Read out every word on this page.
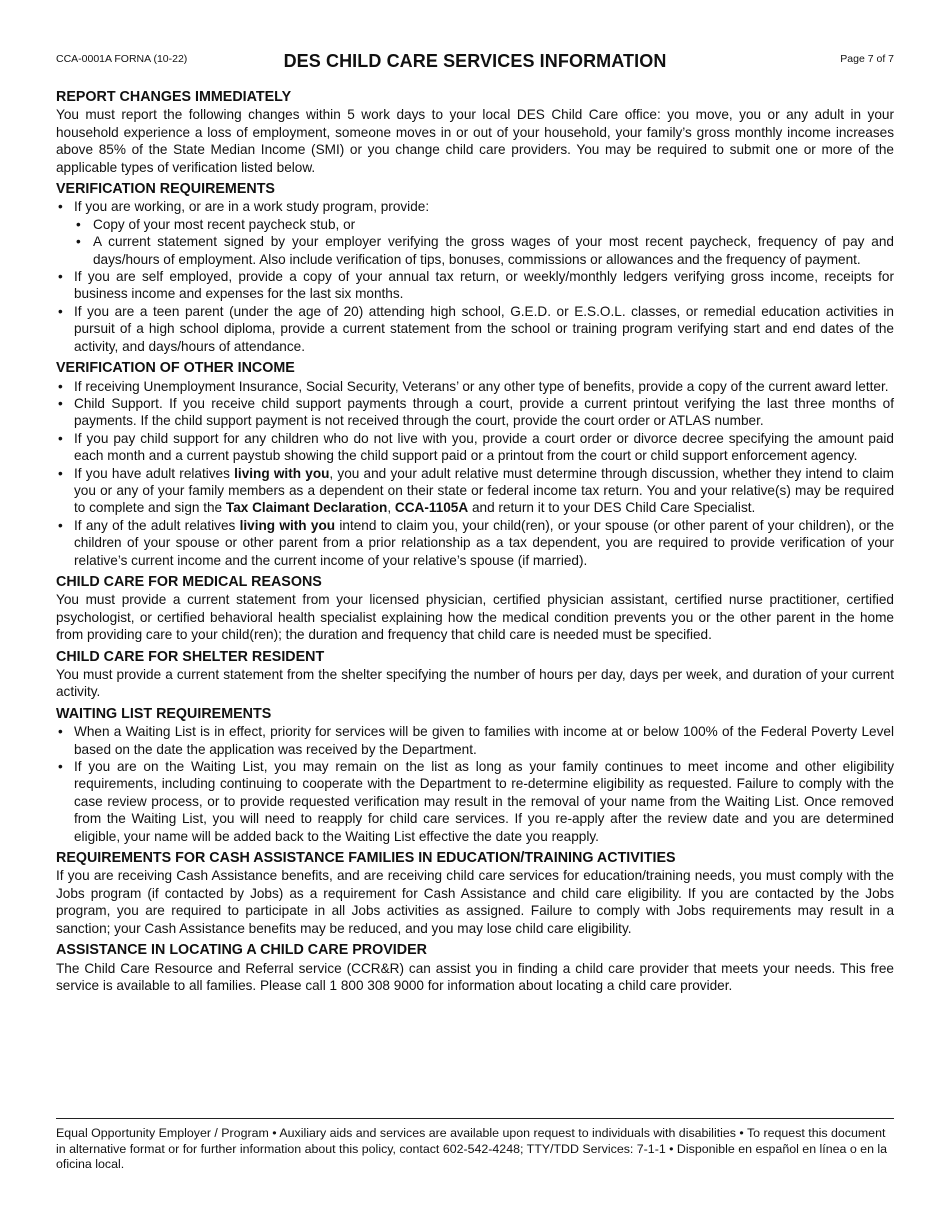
CCA-0001A FORNA (10-22)	DES CHILD CARE SERVICES INFORMATION	Page 7 of 7
REPORT CHANGES IMMEDIATELY

You must report the following changes within 5 work days to your local DES Child Care office: you move, you or any adult in your household experience a loss of employment, someone moves in or out of your household, your family’s gross monthly income increases above 85% of the State Median Income (SMI) or you change child care providers. You may be required to submit one or more of the applicable types of verification listed below.

VERIFICATION REQUIREMENTS
• If you are working, or are in a work study program, provide:
• Copy of your most recent paycheck stub, or
• A current statement signed by your employer verifying the gross wages of your most recent paycheck, frequency of pay and days/hours of employment. Also include verification of tips, bonuses, commissions or allowances and the frequency of payment.
• If you are self employed, provide a copy of your annual tax return, or weekly/monthly ledgers verifying gross income, receipts for business income and expenses for the last six months.
• If you are a teen parent (under the age of 20) attending high school, G.E.D. or E.S.O.L. classes, or remedial education activities in pursuit of a high school diploma, provide a current statement from the school or training program verifying start and end dates of the activity, and days/hours of attendance.
VERIFICATION OF OTHER INCOME
• If receiving Unemployment Insurance, Social Security, Veterans’ or any other type of benefits, provide a copy of the current award letter.
• Child Support. If you receive child support payments through a court, provide a current printout verifying the last three months of payments. If the child support payment is not received through the court, provide the court order or ATLAS number.
• If you pay child support for any children who do not live with you, provide a court order or divorce decree specifying the amount paid each month and a current paystub showing the child support paid or a printout from the court or child support enforcement agency.
• If you have adult relatives living with you, you and your adult relative must determine through discussion, whether they intend to claim you or any of your family members as a dependent on their state or federal income tax return. You and your relative(s) may be required to complete and sign the Tax Claimant Declaration, CCA-1105A and return it to your DES Child Care Specialist.
• If any of the adult relatives living with you intend to claim you, your child(ren), or your spouse (or other parent of your children), or the children of your spouse or other parent from a prior relationship as a tax dependent, you are required to provide verification of your relative’s current income and the current income of your relative’s spouse (if married).
CHILD CARE FOR MEDICAL REASONS

You must provide a current statement from your licensed physician, certified physician assistant, certified nurse practitioner, certified psychologist, or certified behavioral health specialist explaining how the medical condition prevents you or the other parent in the home from providing care to your child(ren); the duration and frequency that child care is needed must be specified.

CHILD CARE FOR SHELTER RESIDENT

You must provide a current statement from the shelter specifying the number of hours per day, days per week, and duration of your current activity.

WAITING LIST REQUIREMENTS
• When a Waiting List is in effect, priority for services will be given to families with income at or below 100% of the Federal Poverty Level based on the date the application was received by the Department.
• If you are on the Waiting List, you may remain on the list as long as your family continues to meet income and other eligibility requirements, including continuing to cooperate with the Department to re-determine eligibility as requested. Failure to comply with the case review process, or to provide requested verification may result in the removal of your name from the Waiting List. Once removed from the Waiting List, you will need to reapply for child care services. If you re-apply after the review date and you are determined eligible, your name will be added back to the Waiting List effective the date you reapply.
REQUIREMENTS FOR CASH ASSISTANCE FAMILIES IN EDUCATION/TRAINING ACTIVITIES

If you are receiving Cash Assistance benefits, and are receiving child care services for education/training needs, you must comply with the Jobs program (if contacted by Jobs) as a requirement for Cash Assistance and child care eligibility. If you are contacted by the Jobs program, you are required to participate in all Jobs activities as assigned. Failure to comply with Jobs requirements may result in a sanction; your Cash Assistance benefits may be reduced, and you may lose child care eligibility.

ASSISTANCE IN LOCATING A CHILD CARE PROVIDER

The Child Care Resource and Referral service (CCR&R) can assist you in finding a child care provider that meets your needs. This free service is available to all families. Please call 1 800 308 9000 for information about locating a child care provider.

Equal Opportunity Employer / Program • Auxiliary aids and services are available upon request to individuals with disabilities • To request this document in alternative format or for further information about this policy, contact 602-542-4248; TTY/TDD Services: 7-1-1 • Disponible en español en línea o en la oficina local.
